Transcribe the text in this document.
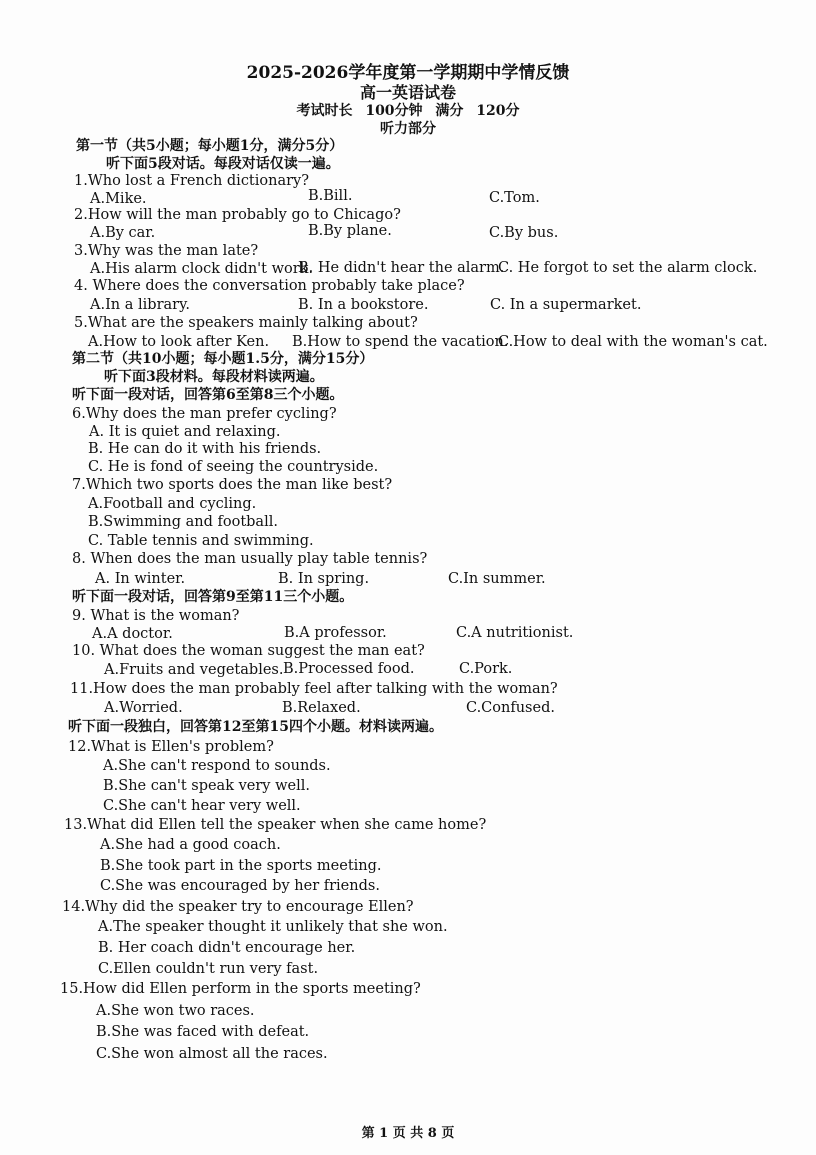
2025-2026学年度第一学期期中学情反馈
高一英语试卷
考试时长 100分钟 满分 120分
听力部分
第一节（共5小题；每小题1分，满分5分）
听下面5段对话。每段对话仅读一遍。
1.Who lost a French dictionary?
A.Mike.	B.Bill.	C.Tom.
2.How will the man probably go to Chicago?
A.By car.	B.By plane.	C.By bus.
3.Why was the man late?
A.His alarm clock didn't work.
B. He didn't hear the alarm.
C. He forgot to set the alarm clock.
4. Where does the conversation probably take place?
A.In a library.	B. In a bookstore.	C. In a supermarket.
5.What are the speakers mainly talking about?
A.How to look after Ken. B.How to spend the vacation.
C.How to deal with the woman's cat.
第二节（共10小题；每小题1.5分，满分15分）
听下面3段材料。每段材料读两遍。
听下面一段对话，回答第6至第8三个小题。
6.Why does the man prefer cycling?
A. It is quiet and relaxing.
B. He can do it with his friends.
C. He is fond of seeing the countryside.
7.Which two sports does the man like best?
A.Football and cycling.
B.Swimming and football.
C. Table tennis and swimming.
8. When does the man usually play table tennis?
A. In winter.	B. In spring.	C.In summer.
听下面一段对话，回答第9至第11三个小题。
9. What is the woman?
A.A doctor.	B.A professor.	C.A nutritionist.
10. What does the woman suggest the man eat?
A.Fruits and vegetables. B.Processed food.	C.Pork.
11.How does the man probably feel after talking with the woman?
A.Worried.	B.Relaxed.	C.Confused.
听下面一段独白，回答第12至第15四个小题。材料读两遍。
12.What is Ellen's problem?
A.She can't respond to sounds.
B.She can't speak very well.
C.She can't hear very well.
13.What did Ellen tell the speaker when she came home?
A.She had a good coach.
B.She took part in the sports meeting.
C.She was encouraged by her friends.
14.Why did the speaker try to encourage Ellen?
A.The speaker thought it unlikely that she won.
B. Her coach didn't encourage her.
C.Ellen couldn't run very fast.
15.How did Ellen perform in the sports meeting?
A.She won two races.
B.She was faced with defeat.
C.She won almost all the races.
第 1 页 共 8 页
